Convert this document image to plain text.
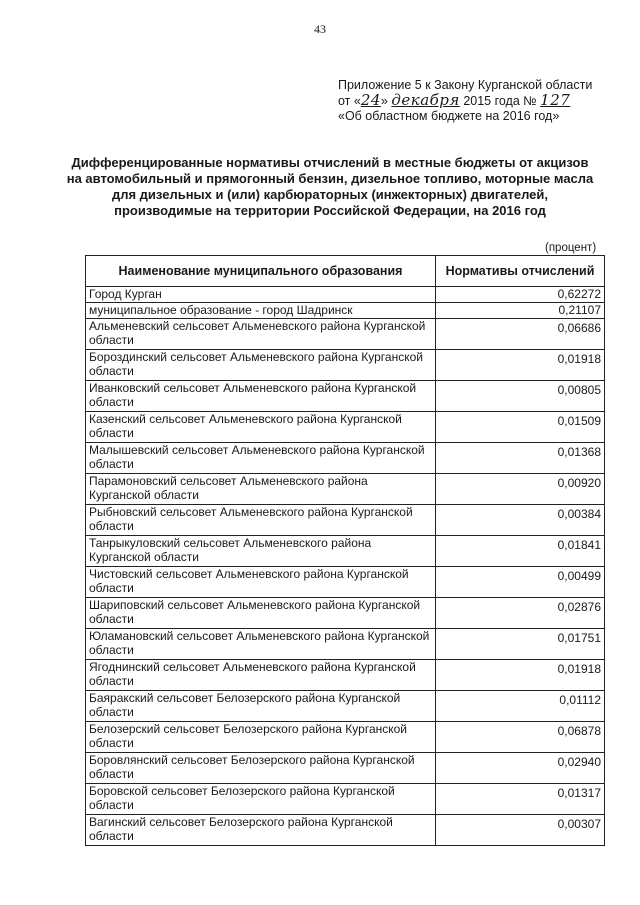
43
Приложение 5 к Закону Курганской области
от «24» декабря 2015 года № 127
«Об областном бюджете на 2016 год»
Дифференцированные нормативы отчислений в местные бюджеты от акцизов
на автомобильный и прямогонный бензин, дизельное топливо, моторные масла
для дизельных и (или) карбюраторных (инжекторных) двигателей,
производимые на территории Российской Федерации, на 2016 год
(процент)
Наименование муниципального образования	Нормативы отчислений
Город Курган	0,62272
муниципальное образование - город Шадринск	0,21107
Альменевский сельсовет Альменевского района Курганской области	0,06686
Бороздинский сельсовет Альменевского района Курганской области	0,01918
Иванковский сельсовет Альменевского района Курганской области	0,00805
Казенский сельсовет Альменевского района Курганской области	0,01509
Малышевский сельсовет Альменевского района Курганской области	0,01368
Парамоновский сельсовет Альменевского района Курганской области	0,00920
Рыбновский сельсовет Альменевского района Курганской области	0,00384
Танрыкуловский сельсовет Альменевского района Курганской области	0,01841
Чистовский сельсовет Альменевского района Курганской области	0,00499
Шариповский сельсовет Альменевского района Курганской области	0,02876
Юламановский сельсовет Альменевского района Курганской области	0,01751
Ягоднинский сельсовет Альменевского района Курганской области	0,01918
Баяракский сельсовет Белозерского района Курганской области	0,01112
Белозерский сельсовет Белозерского района Курганской области	0,06878
Боровлянский сельсовет Белозерского района Курганской области	0,02940
Боровской сельсовет Белозерского района Курганской области	0,01317
Вагинский сельсовет Белозерского района Курганской области	0,00307
